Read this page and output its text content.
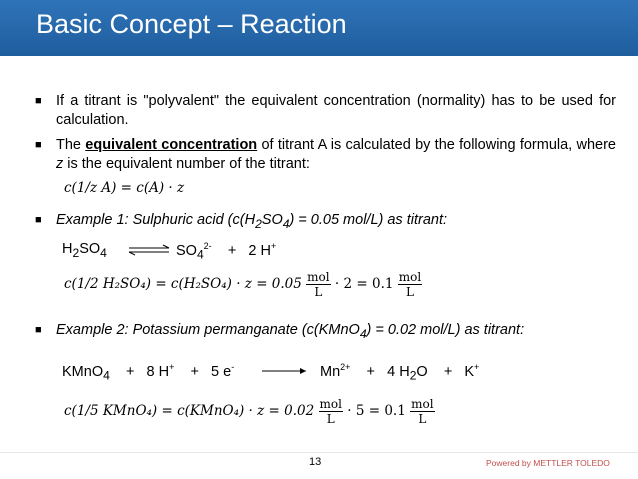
Basic Concept – Reaction
■ If a titrant is "polyvalent" the equivalent concentration (normality) has to be used for calculation.
■ The equivalent concentration of titrant A is calculated by the following formula, where z is the equivalent number of the titrant:
c(1/z A) = c(A) · z
■ Example 1: Sulphuric acid ($c(H_2SO_4) = 0.05$ mol/L) as titrant:
$H_2SO_4$ ⇌ $SO_4^{2-} + 2$ H+
c(1/2 $H_2SO_4) = c(H_2SO_4) \cdot z = 0.05 \frac{\text{mol}}{L} \cdot 2 = 0.1 \frac{\text{mol}}{L}$
■ Example 2: Potassium permanganate (c(KMnO$_4$) = 0.02 mol/L) as titrant:
KMnO$_4$ + 8 H+ + 5 $e^- \to Mn^{2+} + 4$ $H_2O + K^+$
c(1/5 KMnO₄) = c(KMnO₄) · $z = 0.02 \frac{\text{mol}}{L} \cdot 5 = 0.1 \frac{\text{mol}}{L}$
13	Powered by METTLER TOLEDO
